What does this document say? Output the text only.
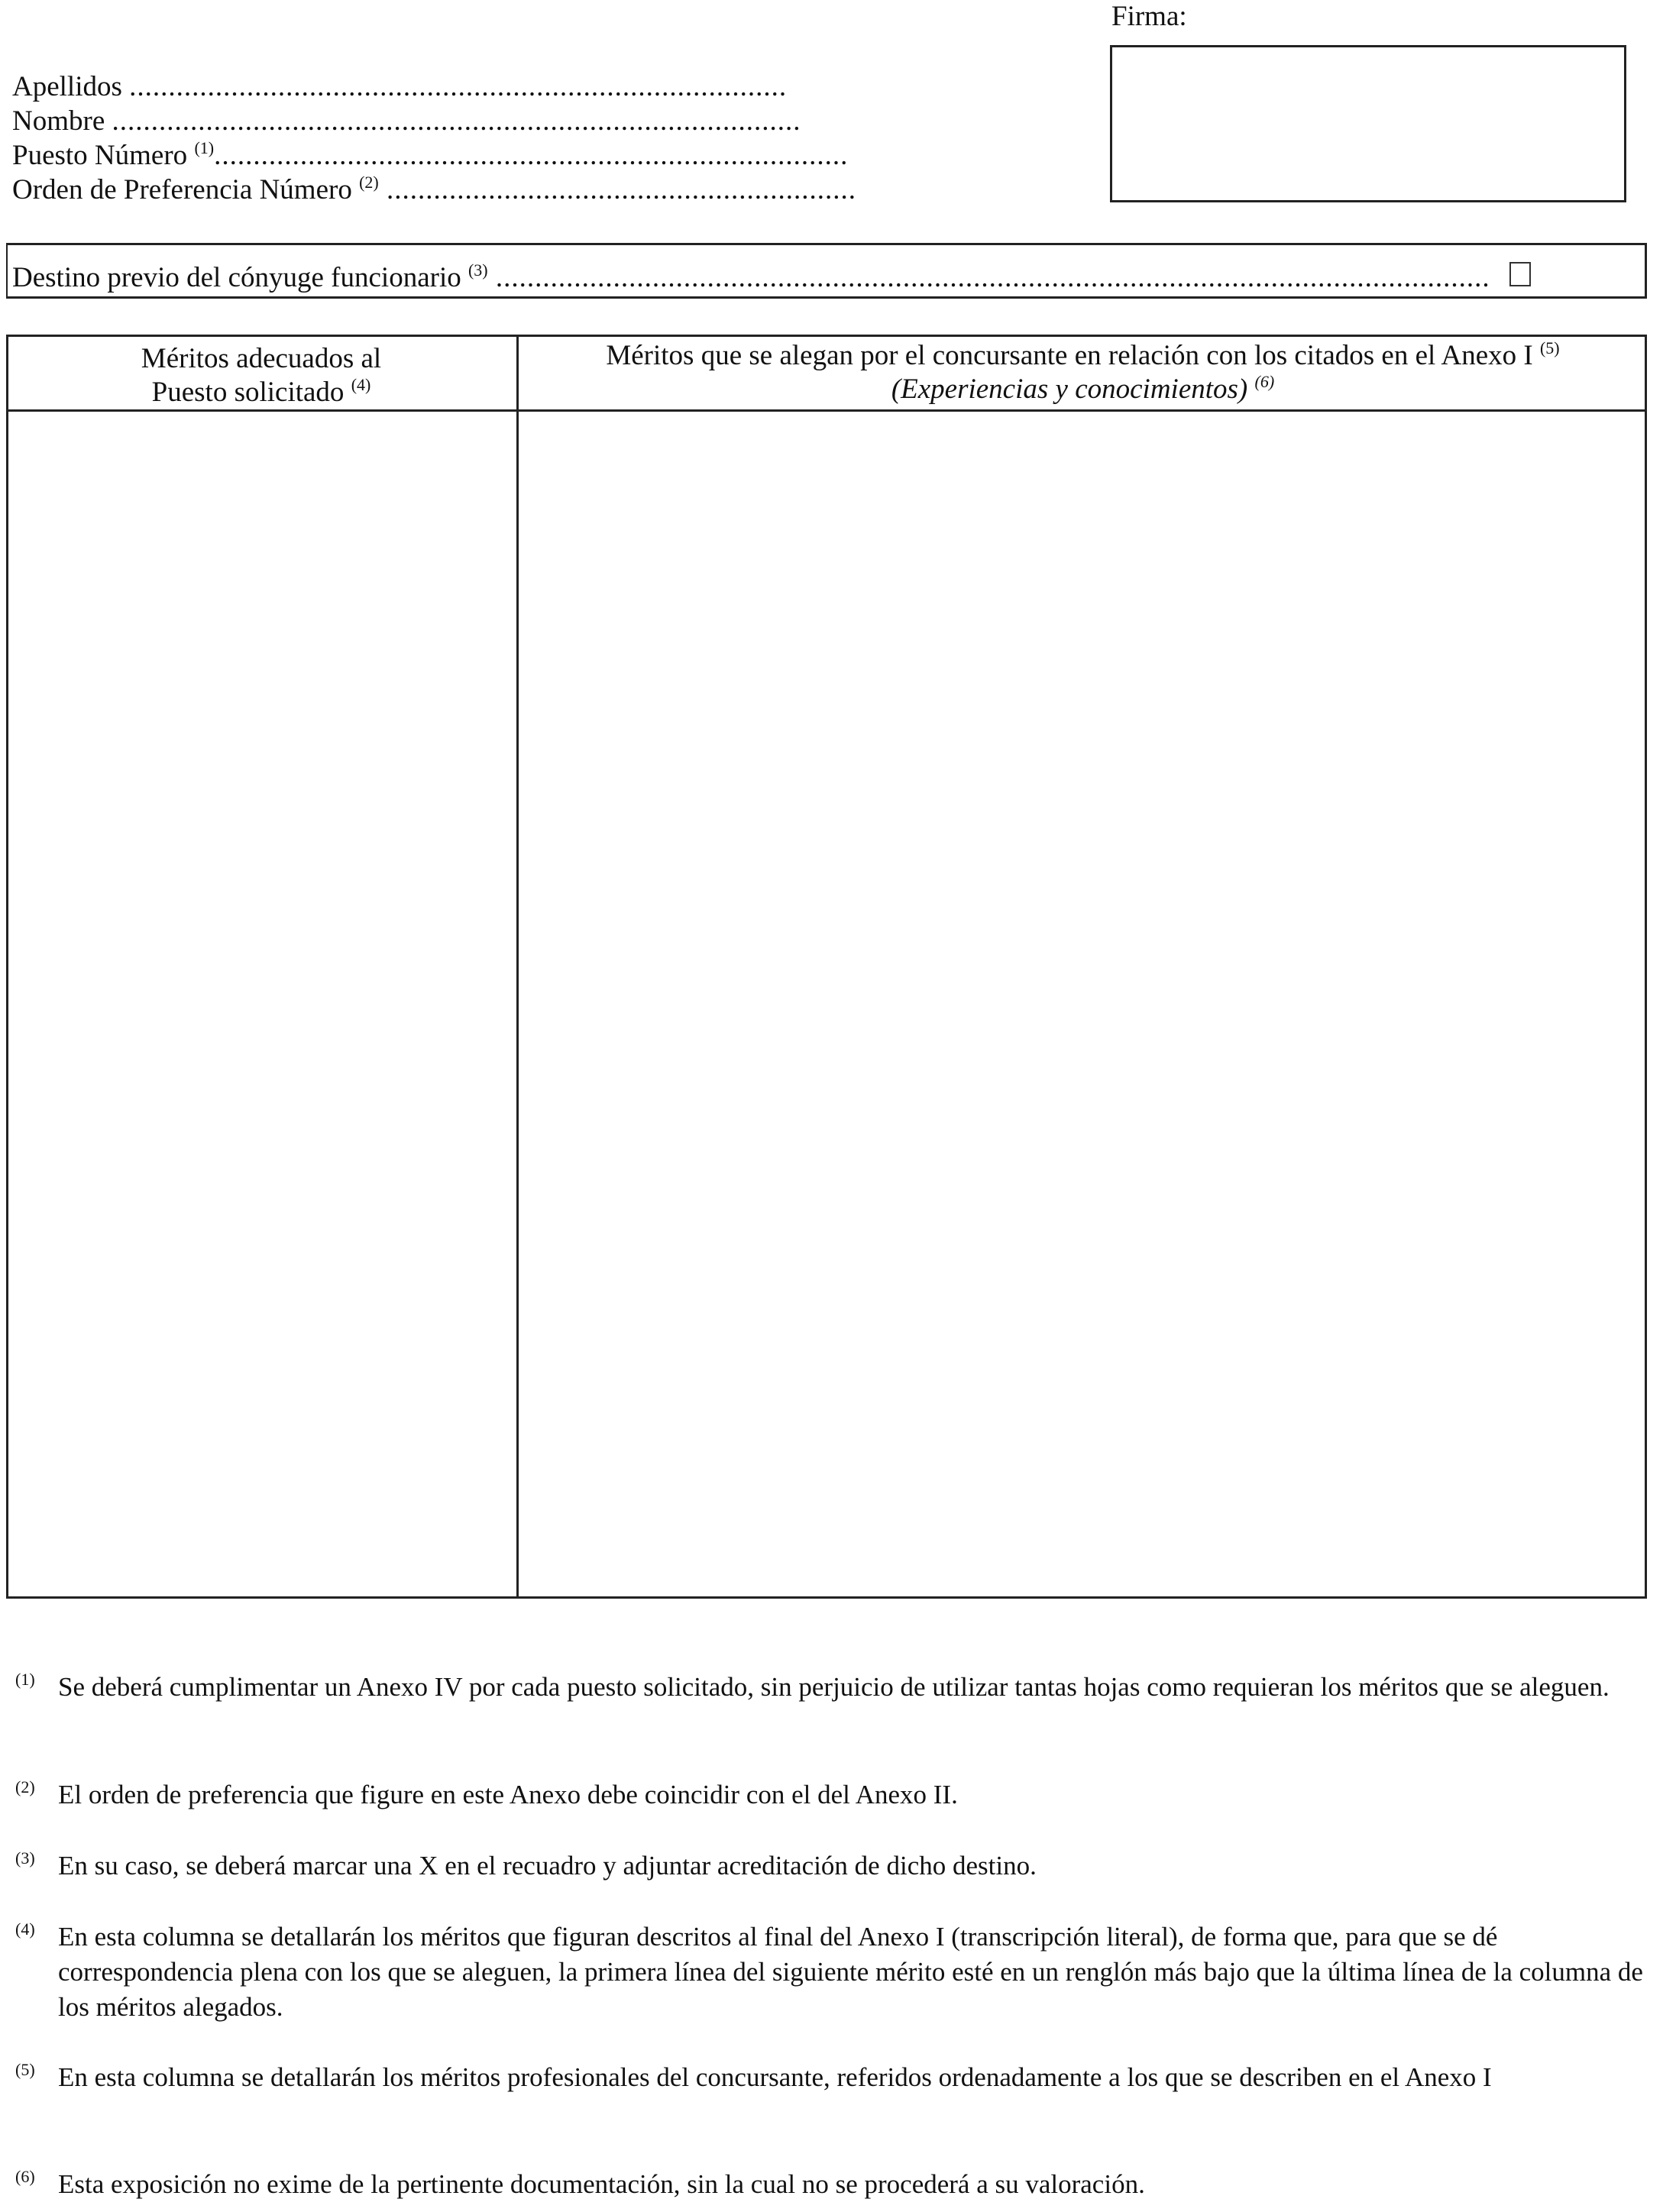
Firma:
Apellidos ....................................................................................
Nombre ........................................................................................
Puesto Número $^{(1)}$.................................................................................
Orden de Preferencia Número $^{(2)}$ ............................................................
Destino previo del cónyuge funcionario $^{(3)}$ ...............................................................................................................................
Méritos adecuados al
Puesto solicitado $^{(4)}$
Méritos que se alegan por el concursante en relación con los citados en el Anexo I $^{(5)}$
(Experiencias y conocimientos) $^{(6)}$
(1) Se deberá cumplimentar un Anexo IV por cada puesto solicitado, sin perjuicio de utilizar tantas hojas como requieran los méritos que se aleguen.
(2) El orden de preferencia que figure en este Anexo debe coincidir con el del Anexo II.
(3) En su caso, se deberá marcar una X en el recuadro y adjuntar acreditación de dicho destino.
(4) En esta columna se detallarán los méritos que figuran descritos al final del Anexo I (transcripción literal), de forma que, para que se dé correspondencia plena con los que se aleguen, la primera línea del siguiente mérito esté en un renglón más bajo que la última línea de la columna de los méritos alegados.
(5) En esta columna se detallarán los méritos profesionales del concursante, referidos ordenadamente a los que se describen en el Anexo I
(6) Esta exposición no exime de la pertinente documentación, sin la cual no se procederá a su valoración.
